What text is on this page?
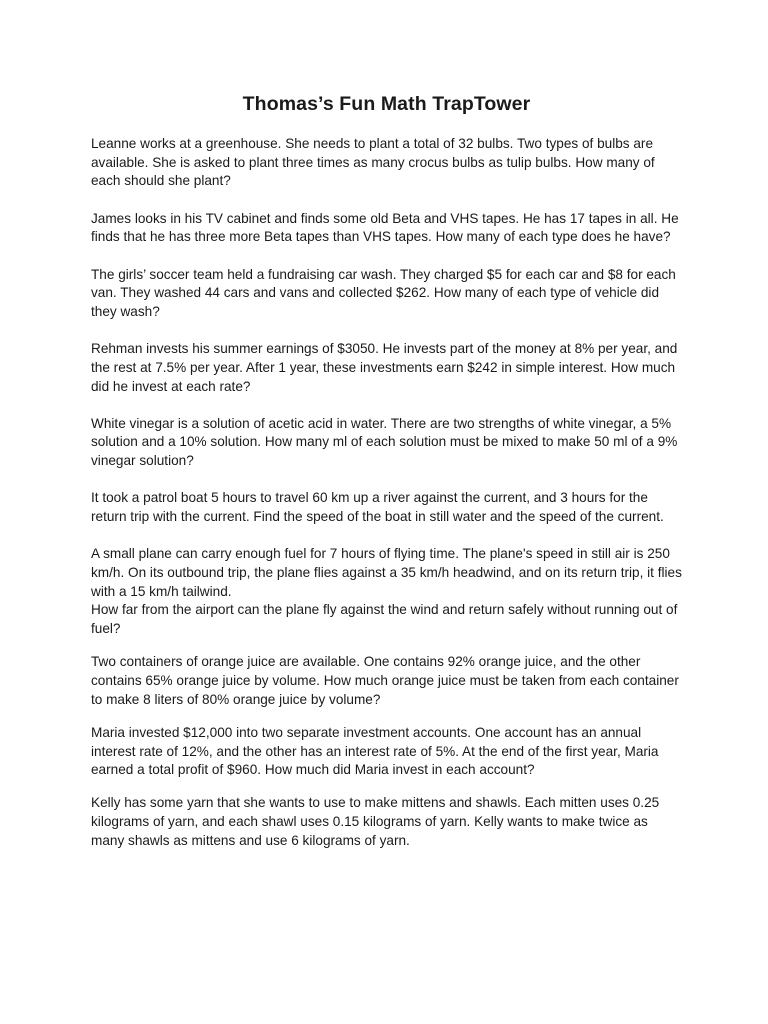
Thomas’s Fun Math TrapTower

Leanne works at a greenhouse. She needs to plant a total of 32 bulbs. Two types of bulbs are available. She is asked to plant three times as many crocus bulbs as tulip bulbs. How many of each should she plant?

James looks in his TV cabinet and finds some old Beta and VHS tapes. He has 17 tapes in all. He finds that he has three more Beta tapes than VHS tapes. How many of each type does he have?

The girls’ soccer team held a fundraising car wash. They charged $5 for each car and $8 for each van. They washed 44 cars and vans and collected $262. How many of each type of vehicle did they wash?

Rehman invests his summer earnings of $3050. He invests part of the money at 8% per year, and the rest at 7.5% per year. After 1 year, these investments earn $242 in simple interest. How much did he invest at each rate?

White vinegar is a solution of acetic acid in water. There are two strengths of white vinegar, a 5% solution and a 10% solution. How many ml of each solution must be mixed to make 50 ml of a 9% vinegar solution?

It took a patrol boat 5 hours to travel 60 km up a river against the current, and 3 hours for the return trip with the current. Find the speed of the boat in still water and the speed of the current.

A small plane can carry enough fuel for 7 hours of flying time. The plane's speed in still air is 250 km/h. On its outbound trip, the plane flies against a 35 km/h headwind, and on its return trip, it flies with a 15 km/h tailwind.

How far from the airport can the plane fly against the wind and return safely without running out of fuel?

Two containers of orange juice are available. One contains 92% orange juice, and the other contains 65% orange juice by volume. How much orange juice must be taken from each container to make 8 liters of 80% orange juice by volume?

Maria invested $12,000 into two separate investment accounts. One account has an annual interest rate of 12%, and the other has an interest rate of 5%. At the end of the first year, Maria earned a total profit of $960. How much did Maria invest in each account?

Kelly has some yarn that she wants to use to make mittens and shawls. Each mitten uses 0.25 kilograms of yarn, and each shawl uses 0.15 kilograms of yarn. Kelly wants to make twice as many shawls as mittens and use 6 kilograms of yarn.
